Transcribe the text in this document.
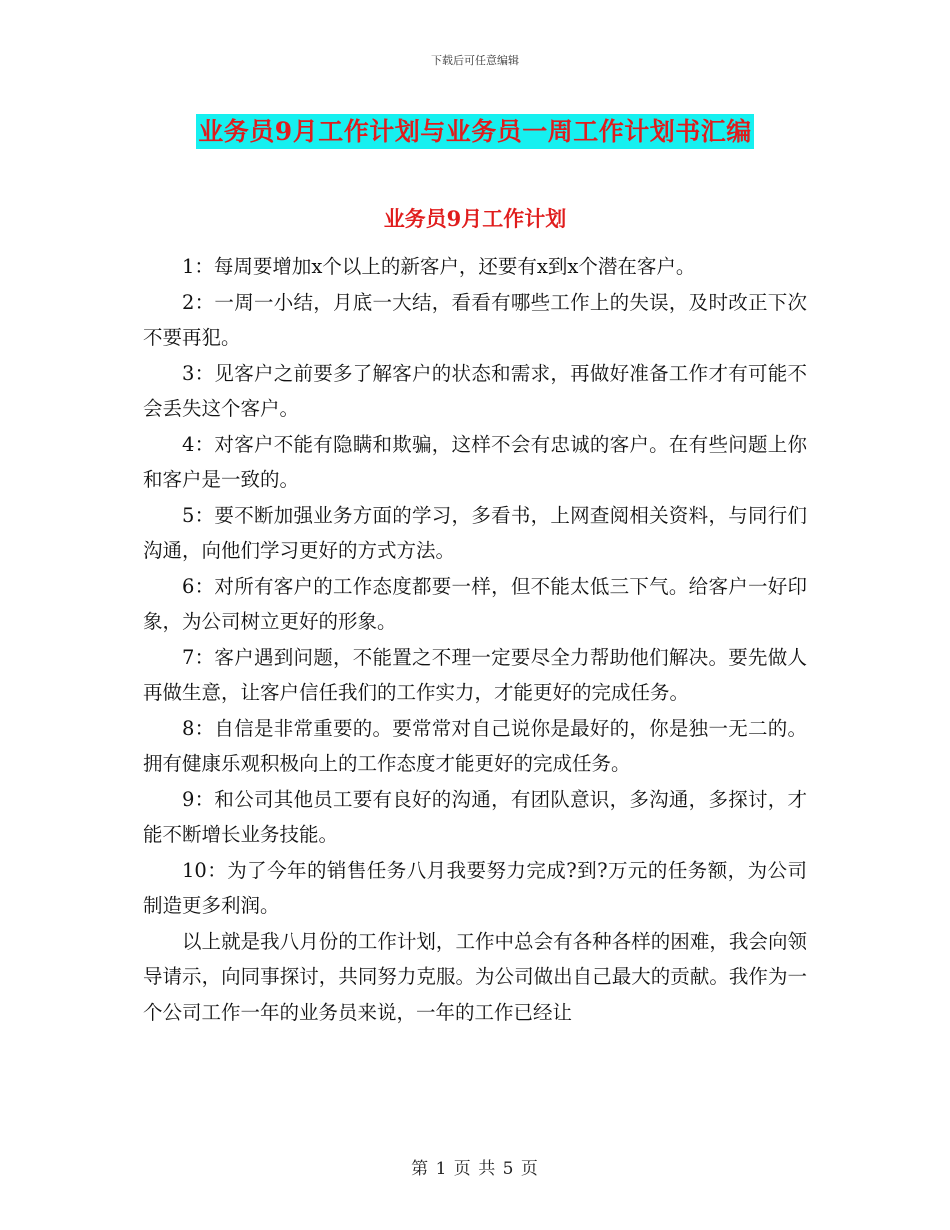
下载后可任意编辑
业务员9月工作计划与业务员一周工作计划书汇编
业务员9月工作计划

1：每周要增加x个以上的新客户，还要有x到x个潜在客户。

2：一周一小结，月底一大结，看看有哪些工作上的失误，及时改正下次不要再犯。

3：见客户之前要多了解客户的状态和需求，再做好准备工作才有可能不会丢失这个客户。

4：对客户不能有隐瞒和欺骗，这样不会有忠诚的客户。在有些问题上你和客户是一致的。

5：要不断加强业务方面的学习，多看书，上网查阅相关资料，与同行们沟通，向他们学习更好的方式方法。

6：对所有客户的工作态度都要一样，但不能太低三下气。给客户一好印象，为公司树立更好的形象。

7：客户遇到问题，不能置之不理一定要尽全力帮助他们解决。要先做人再做生意，让客户信任我们的工作实力，才能更好的完成任务。

8：自信是非常重要的。要常常对自己说你是最好的，你是独一无二的。拥有健康乐观积极向上的工作态度才能更好的完成任务。

9：和公司其他员工要有良好的沟通，有团队意识，多沟通，多探讨，才能不断增长业务技能。

10：为了今年的销售任务八月我要努力完成?到?万元的任务额，为公司制造更多利润。

以上就是我八月份的工作计划，工作中总会有各种各样的困难，我会向领导请示，向同事探讨，共同努力克服。为公司做出自己最大的贡献。我作为一个公司工作一年的业务员来说，一年的工作已经让

第 1 页 共 5 页
